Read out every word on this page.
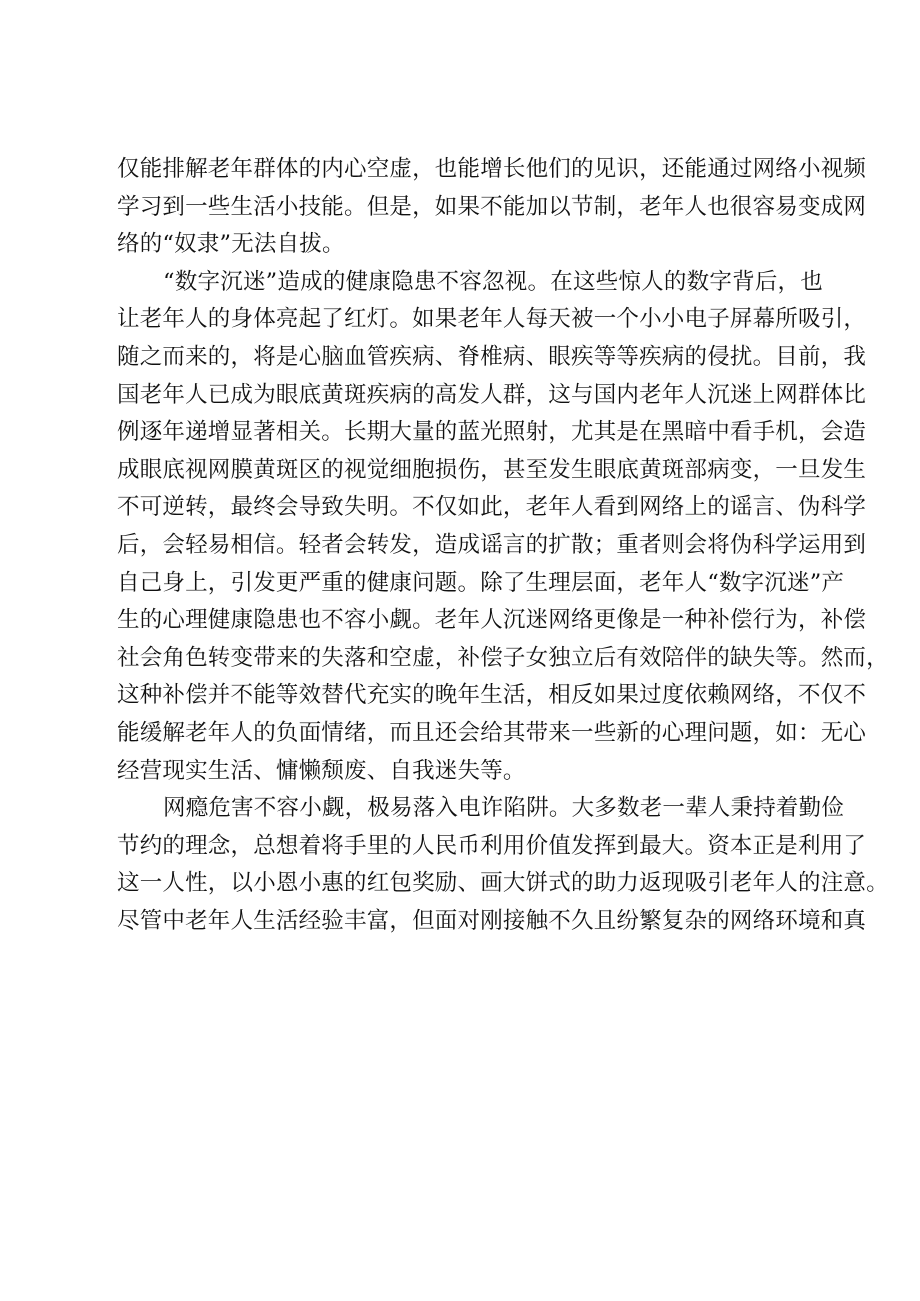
仅能排解老年群体的内心空虚，也能增长他们的见识，还能通过网络小视频
学习到一些生活小技能。但是，如果不能加以节制，老年人也很容易变成网
络的“奴隶”无法自拔。
“数字沉迷”造成的健康隐患不容忽视。在这些惊人的数字背后，也
让老年人的身体亮起了红灯。如果老年人每天被一个小小电子屏幕所吸引，
随之而来的，将是心脑血管疾病、脊椎病、眼疾等等疾病的侵扰。目前，我
国老年人已成为眼底黄斑疾病的高发人群，这与国内老年人沉迷上网群体比
例逐年递增显著相关。长期大量的蓝光照射，尤其是在黑暗中看手机，会造
成眼底视网膜黄斑区的视觉细胞损伤，甚至发生眼底黄斑部病变，一旦发生
不可逆转，最终会导致失明。不仅如此，老年人看到网络上的谣言、伪科学
后，会轻易相信。轻者会转发，造成谣言的扩散；重者则会将伪科学运用到
自己身上，引发更严重的健康问题。除了生理层面，老年人“数字沉迷”产
生的心理健康隐患也不容小觑。老年人沉迷网络更像是一种补偿行为，补偿
社会角色转变带来的失落和空虚，补偿子女独立后有效陪伴的缺失等。然而，
这种补偿并不能等效替代充实的晚年生活，相反如果过度依赖网络，不仅不
能缓解老年人的负面情绪，而且还会给其带来一些新的心理问题，如：无心
经营现实生活、慵懒颓废、自我迷失等。
网瘾危害不容小觑，极易落入电诈陷阱。大多数老一辈人秉持着勤俭
节约的理念，总想着将手里的人民币利用价值发挥到最大。资本正是利用了
这一人性，以小恩小惠的红包奖励、画大饼式的助力返现吸引老年人的注意。
尽管中老年人生活经验丰富，但面对刚接触不久且纷繁复杂的网络环境和真
